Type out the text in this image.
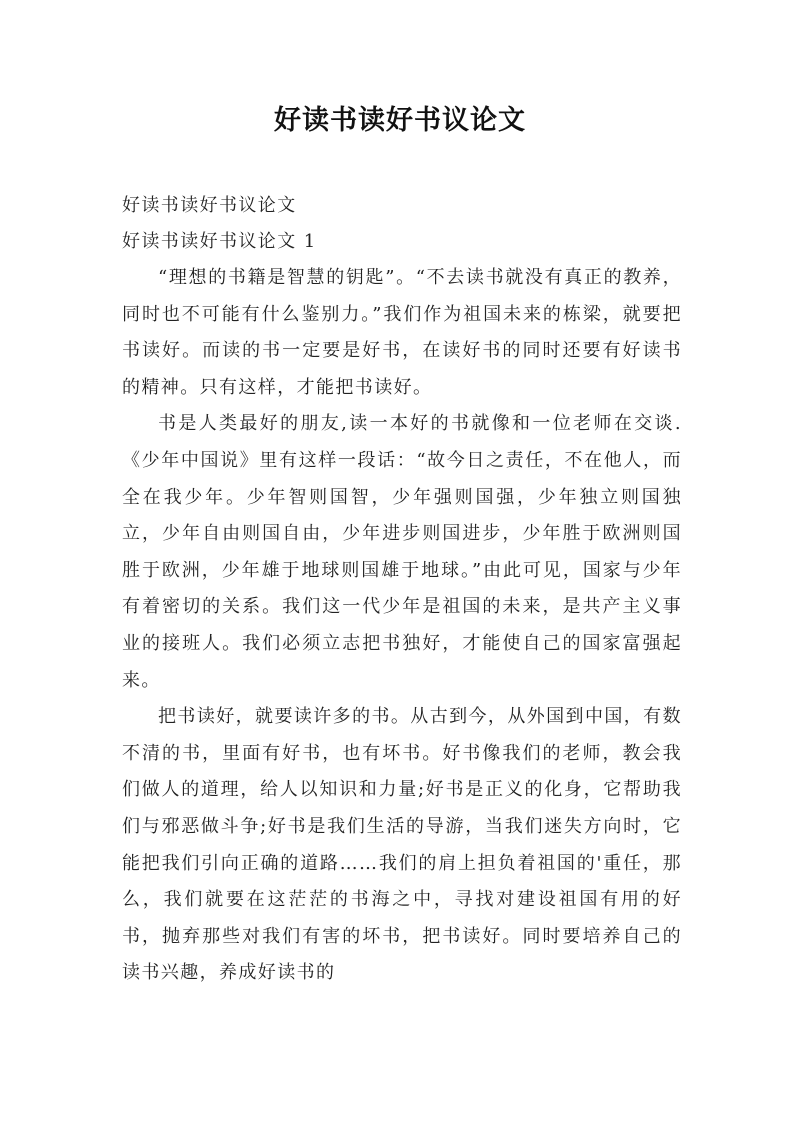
好读书读好书议论文

好读书读好书议论文

好读书读好书议论文 1

“理想的书籍是智慧的钥匙”。“不去读书就没有真正的教养，同时也不可能有什么鉴别力。”我们作为祖国未来的栋梁，就要把书读好。而读的书一定要是好书，在读好书的同时还要有好读书的精神。只有这样，才能把书读好。

书是人类最好的朋友,读一本好的书就像和一位老师在交谈. 《少年中国说》里有这样一段话：“故今日之责任，不在他人，而全在我少年。少年智则国智，少年强则国强，少年独立则国独立，少年自由则国自由，少年进步则国进步，少年胜于欧洲则国胜于欧洲，少年雄于地球则国雄于地球。”由此可见，国家与少年有着密切的关系。我们这一代少年是祖国的未来，是共产主义事业的接班人。我们必须立志把书独好，才能使自己的国家富强起来。

把书读好，就要读许多的书。从古到今，从外国到中国，有数不清的书，里面有好书，也有坏书。好书像我们的老师，教会我们做人的道理，给人以知识和力量;好书是正义的化身，它帮助我们与邪恶做斗争;好书是我们生活的导游，当我们迷失方向时，它能把我们引向正确的道路……我们的肩上担负着祖国的'重任，那么，我们就要在这茫茫的书海之中，寻找对建设祖国有用的好书，抛弃那些对我们有害的坏书，把书读好。同时要培养自己的读书兴趣，养成好读书的
